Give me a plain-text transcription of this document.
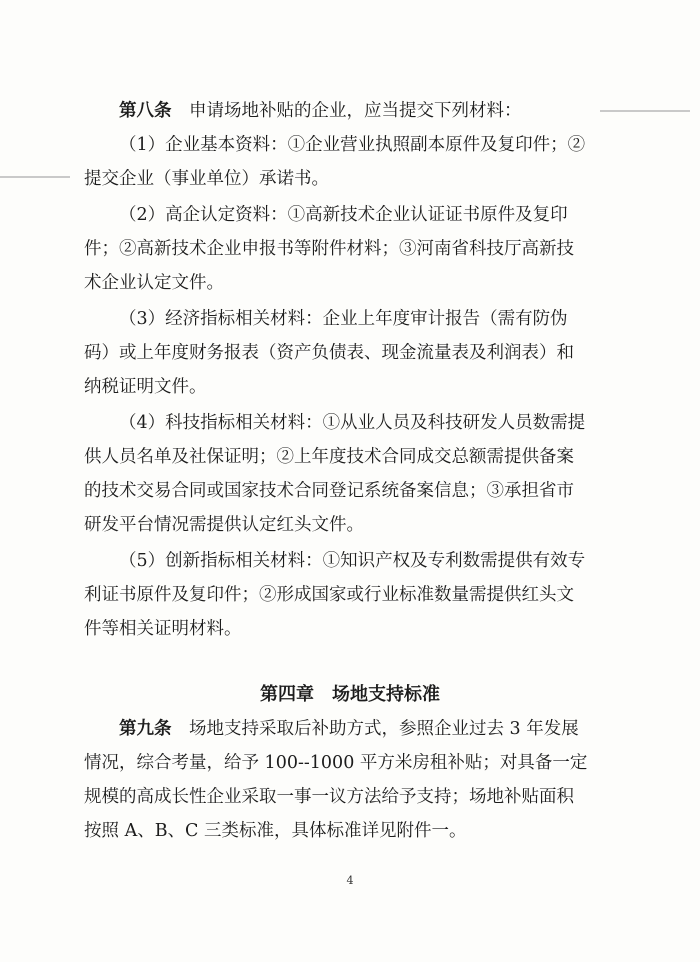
第八条　 申请场地补贴的企业，应当提交下列材料：

（1）企业基本资料：①企业营业执照副本原件及复印件；②提交企业（事业单位）承诺书。

（2）高企认定资料：①高新技术企业认证证书原件及复印件；②高新技术企业申报书等附件材料；③河南省科技厅高新技术企业认定文件。

（3）经济指标相关材料：企业上年度审计报告（需有防伪码）或上年度财务报表（资产负债表、现金流量表及利润表）和纳税证明文件。

（4）科技指标相关材料：①从业人员及科技研发人员数需提供人员名单及社保证明；②上年度技术合同成交总额需提供备案的技术交易合同或国家技术合同登记系统备案信息；③承担省市研发平台情况需提供认定红头文件。

（5）创新指标相关材料：①知识产权及专利数需提供有效专利证书原件及复印件；②形成国家或行业标准数量需提供红头文件等相关证明材料。

第四章　场地支持标准

第九条　 场地支持采取后补助方式，参照企业过去 3 年发展情况，综合考量，给予 100--1000 平方米房租补贴；对具备一定规模的高成长性企业采取一事一议方法给予支持；场地补贴面积按照 A、B、C 三类标准，具体标准详见附件一。

4
